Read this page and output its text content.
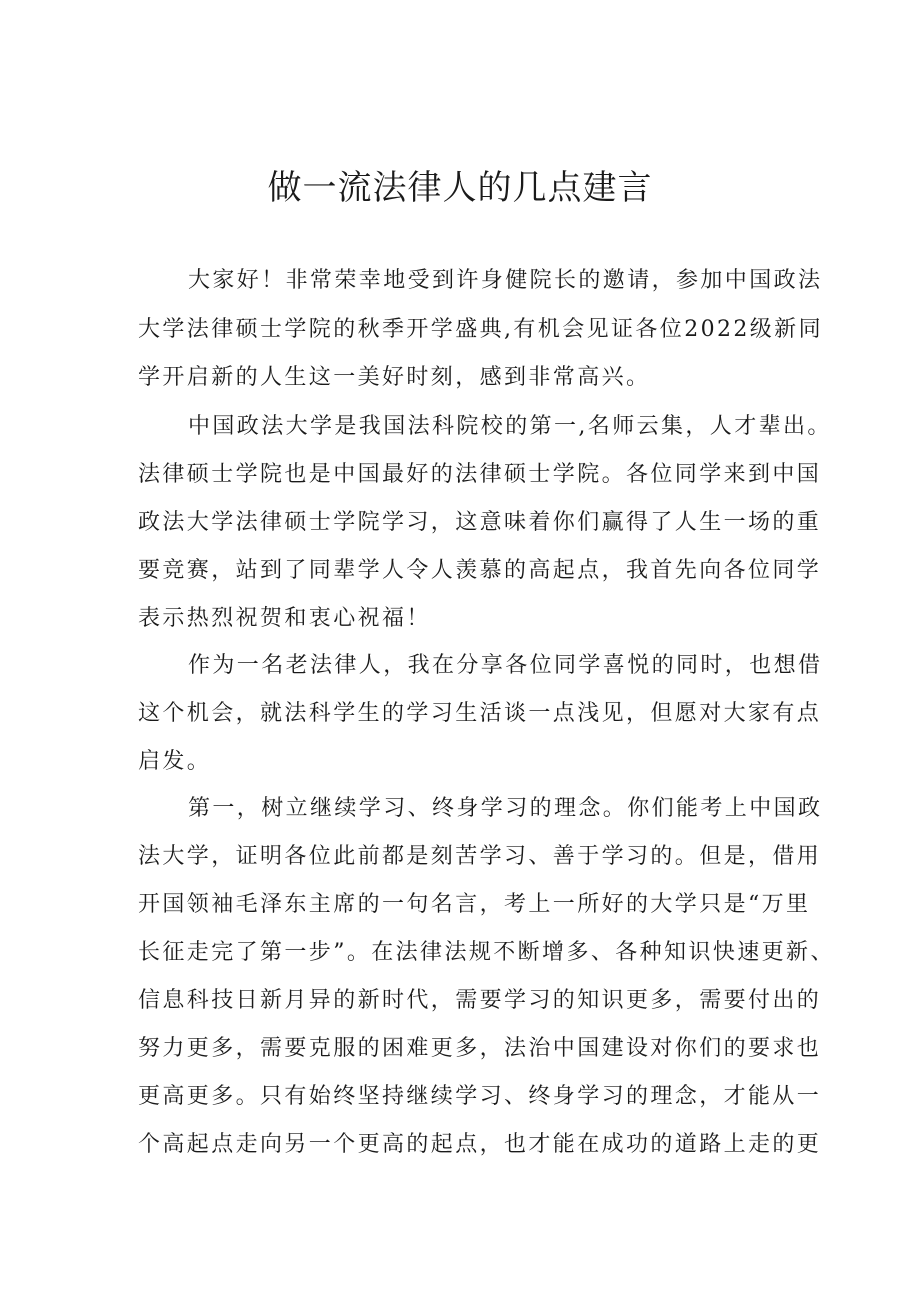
做一流法律人的几点建言
大家好！非常荣幸地受到许身健院长的邀请，参加中国政法
大学法律硕士学院的秋季开学盛典,有机会见证各位2022级新同
学开启新的人生这一美好时刻，感到非常高兴。
中国政法大学是我国法科院校的第一,名师云集，人才辈出。
法律硕士学院也是中国最好的法律硕士学院。各位同学来到中国
政法大学法律硕士学院学习，这意味着你们赢得了人生一场的重
要竞赛，站到了同辈学人令人羡慕的高起点，我首先向各位同学
表示热烈祝贺和衷心祝福！
作为一名老法律人，我在分享各位同学喜悦的同时，也想借
这个机会，就法科学生的学习生活谈一点浅见，但愿对大家有点
启发。
第一，树立继续学习、终身学习的理念。你们能考上中国政
法大学，证明各位此前都是刻苦学习、善于学习的。但是，借用
开国领袖毛泽东主席的一句名言，考上一所好的大学只是“万里
长征走完了第一步”。在法律法规不断增多、各种知识快速更新、
信息科技日新月异的新时代，需要学习的知识更多，需要付出的
努力更多，需要克服的困难更多，法治中国建设对你们的要求也
更高更多。只有始终坚持继续学习、终身学习的理念，才能从一
个高起点走向另一个更高的起点，也才能在成功的道路上走的更
